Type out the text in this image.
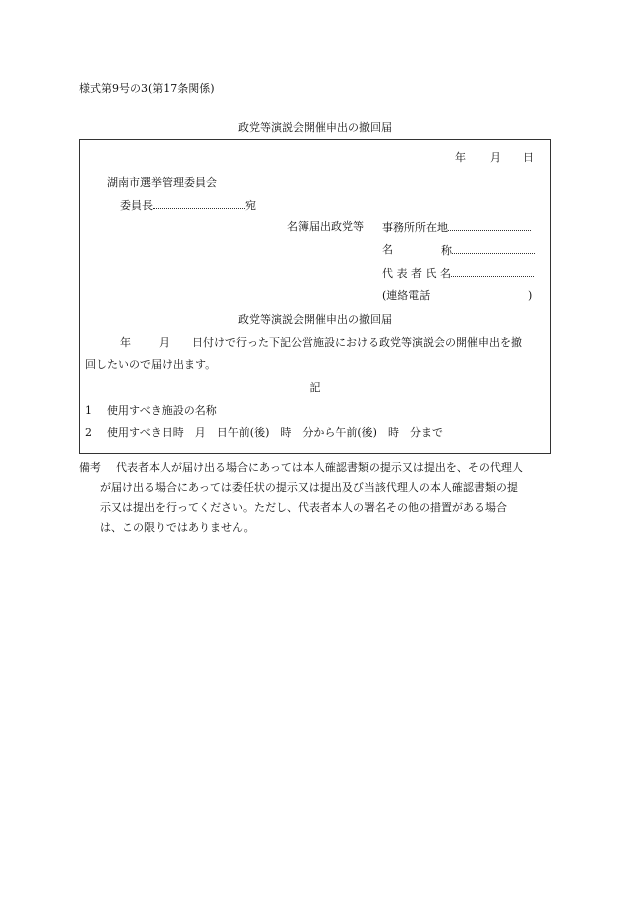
様式第9号の3(第17条関係)
政党等演説会開催申出の撤回届
年 月 日
湖南市選挙管理委員会
委員長	宛
名簿届出政党等 事務所所在地
名	称
代 表 者 氏 名
(連絡電話	)
政党等演説会開催申出の撤回届
年	月 日付けで行った下記公営施設における政党等演説会の開催申出を撤
回したいので届け出ます。
記
1 使用すべき施設の名称
2 使用すべき日時　月　日午前(後)　時　分から午前(後)　時　分まで
備考 代表者本人が届け出る場合にあっては本人確認書類の提示又は提出を、その代理人
が届け出る場合にあっては委任状の提示又は提出及び当該代理人の本人確認書類の提
示又は提出を行ってください。ただし、代表者本人の署名その他の措置がある場合
は、この限りではありません。
